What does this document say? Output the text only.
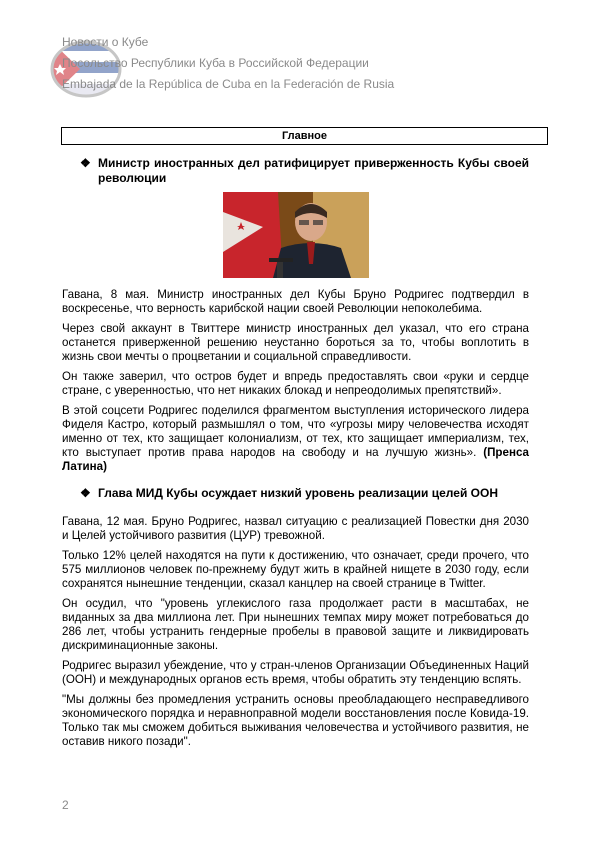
Новости о Кубе
Посольство Республики Куба в Российской Федерации
Embajada de la República de Cuba en la Federación de Rusia
Главное
❖ Министр иностранных дел ратифицирует приверженность Кубы своей революции

Гавана, 8 мая. Министр иностранных дел Кубы Бруно Родригес подтвердил в воскресенье, что верность карибской нации своей Революции непоколебима.

Через свой аккаунт в Твиттере министр иностранных дел указал, что его страна останется приверженной решению неустанно бороться за то, чтобы воплотить в жизнь свои мечты о процветании и социальной справедливости.

Он также заверил, что остров будет и впредь предоставлять свои «руки и сердце стране, с уверенностью, что нет никаких блокад и непреодолимых препятствий».

В этой соцсети Родригес поделился фрагментом выступления исторического лидера Фиделя Кастро, который размышлял о том, что «угрозы миру человечества исходят именно от тех, кто защищает колониализм, от тех, кто защищает империализм, тех, кто выступает против права народов на свободу и на лучшую жизнь». (Пренса Латина)

❖ Глава МИД Кубы осуждает низкий уровень реализации целей ООН

Гавана, 12 мая. Бруно Родригес, назвал ситуацию с реализацией Повестки дня 2030 и Целей устойчивого развития (ЦУР) тревожной.

Только 12% целей находятся на пути к достижению, что означает, среди прочего, что 575 миллионов человек по-прежнему будут жить в крайней нищете в 2030 году, если сохранятся нынешние тенденции, сказал канцлер на своей странице в Twitter.

Он осудил, что "уровень углекислого газа продолжает расти в масштабах, не виданных за два миллиона лет. При нынешних темпах миру может потребоваться до 286 лет, чтобы устранить гендерные пробелы в правовой защите и ликвидировать дискриминационные законы.

Родригес выразил убеждение, что у стран-членов Организации Объединенных Наций (ООН) и международных органов есть время, чтобы обратить эту тенденцию вспять.

"Мы должны без промедления устранить основы преобладающего несправедливого экономического порядка и неравноправной модели восстановления после Ковида-19. Только так мы сможем добиться выживания человечества и устойчивого развития, не оставив никого позади".

2
